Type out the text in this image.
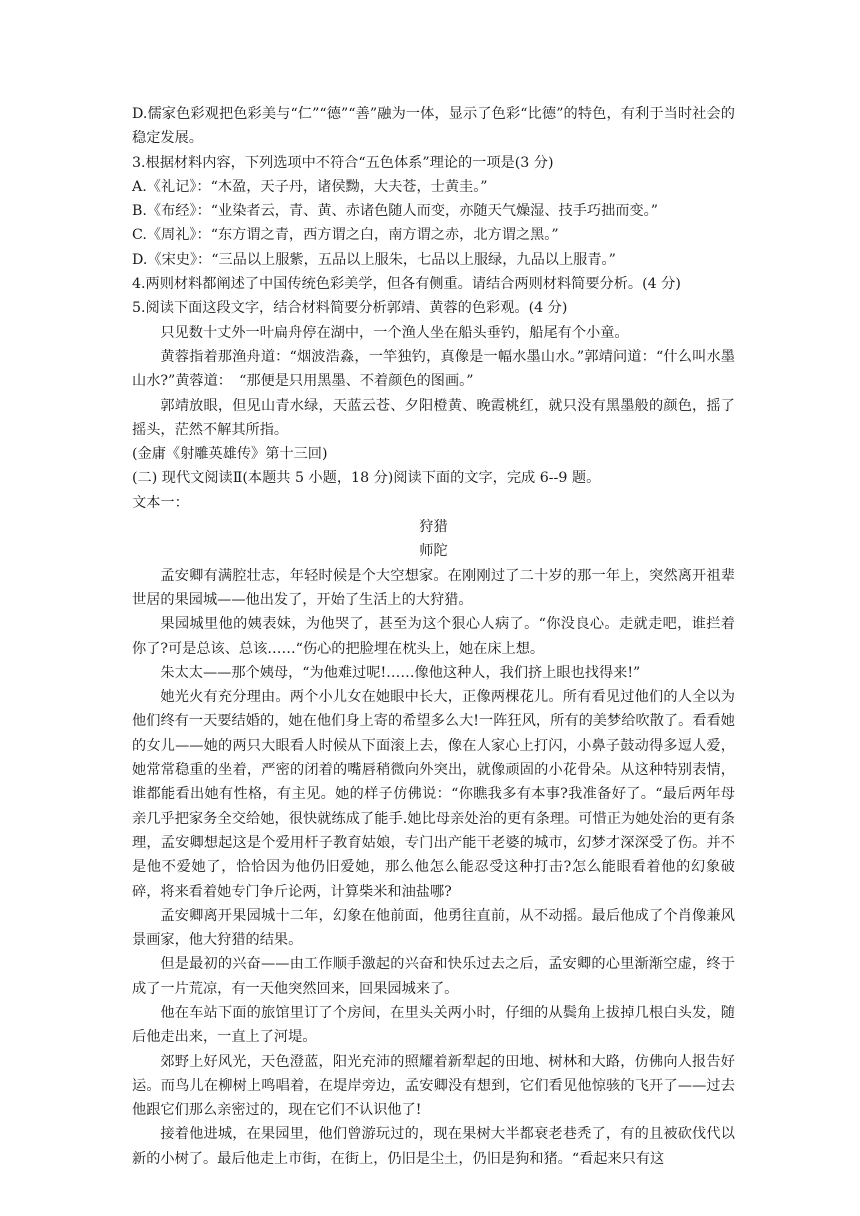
D.儒家色彩观把色彩美与“仁”“德”“善”融为一体，显示了色彩“比德”的特色，有利于当时社会的稳定发展。

3.根据材料内容，下列选项中不符合“五色体系”理论的一项是(3 分)

A.《礼记》：“木盈，天子丹，诸侯黝，大夫苍，士黄圭。”

B.《布经》：“业染者云，青、黄、赤诸色随人而变，亦随天气燥湿、技手巧拙而变。”

C.《周礼》：“东方谓之青，西方谓之白，南方谓之赤，北方谓之黑。”

D.《宋史》：“三品以上服紫，五品以上服朱，七品以上服绿，九品以上服青。”

4.两则材料都阐述了中国传统色彩美学，但各有侧重。请结合两则材料简要分析。(4 分)

5.阅读下面这段文字，结合材料简要分析郭靖、黄蓉的色彩观。(4 分)

只见数十丈外一叶扁舟停在湖中，一个渔人坐在船头垂钓，船尾有个小童。

黄蓉指着那渔舟道：“烟波浩淼，一竿独钓，真像是一幅水墨山水。”郭靖问道：“什么叫水墨山水?”黄蓉道：　“那便是只用黑墨、不着颜色的图画。”

郭靖放眼，但见山青水绿，天蓝云苍、夕阳橙黄、晚霞桃红，就只没有黑墨般的颜色，摇了摇头，茫然不解其所指。

(金庸《射雕英雄传》第十三回)

(二) 现代文阅读Ⅱ(本题共 5 小题，18 分)阅读下面的文字，完成 6--9 题。

文本一：

狩猎

师陀

孟安卿有满腔壮志，年轻时候是个大空想家。在刚刚过了二十岁的那一年上，突然离开祖辈世居的果园城——他出发了，开始了生活上的大狩猎。

果园城里他的姨表妹，为他哭了，甚至为这个狠心人病了。“你没良心。走就走吧，谁拦着你了?可是总该、总该……“伤心的把脸埋在枕头上，她在床上想。

朱太太——那个姨母，“为他难过呢!……像他这种人，我们挤上眼也找得来!”

她光火有充分理由。两个小儿女在她眼中长大，正像两棵花儿。所有看见过他们的人全以为他们终有一天要结婚的，她在他们身上寄的希望多么大!一阵狂风，所有的美梦给吹散了。看看她的女儿——她的两只大眼看人时候从下面滚上去，像在人家心上打闪，小鼻子鼓动得多逗人爱，她常常稳重的坐着，严密的闭着的嘴唇稍微向外突出，就像顽固的小花骨朵。从这种特别表情，谁都能看出她有性格，有主见。她的样子仿佛说：“你瞧我多有本事?我准备好了。“最后两年母亲几乎把家务全交给她，很快就练成了能手.她比母亲处治的更有条理。可惜正为她处治的更有条理，孟安卿想起这是个爱用杆子教育姑娘，专门出产能干老婆的城市，幻梦才深深受了伤。并不是他不爱她了，恰恰因为他仍旧爱她，那么他怎么能忍受这种打击?怎么能眼看着他的幻象破碎，将来看着她专门争斤论两，计算柴米和油盐哪?

孟安卿离开果园城十二年，幻象在他前面，他勇往直前，从不动摇。最后他成了个肖像兼风景画家，他大狩猎的结果。

但是最初的兴奋——由工作顺手激起的兴奋和快乐过去之后，孟安卿的心里渐渐空虚，终于成了一片荒凉，有一天他突然回来，回果园城来了。

他在车站下面的旅馆里订了个房间，在里头关两小时，仔细的从鬓角上拔掉几根白头发，随后他走出来，一直上了河堤。

郊野上好风光，天色澄蓝，阳光充沛的照耀着新犁起的田地、树林和大路，仿佛向人报告好运。而鸟儿在柳树上鸣唱着，在堤岸旁边，孟安卿没有想到，它们看见他惊骇的飞开了——过去他跟它们那么亲密过的，现在它们不认识他了!

接着他进城，在果园里，他们曾游玩过的，现在果树大半都衰老巷秃了，有的且被砍伐代以新的小树了。最后他走上市街，在街上，仍旧是尘土，仍旧是狗和猪。“看起来只有这
